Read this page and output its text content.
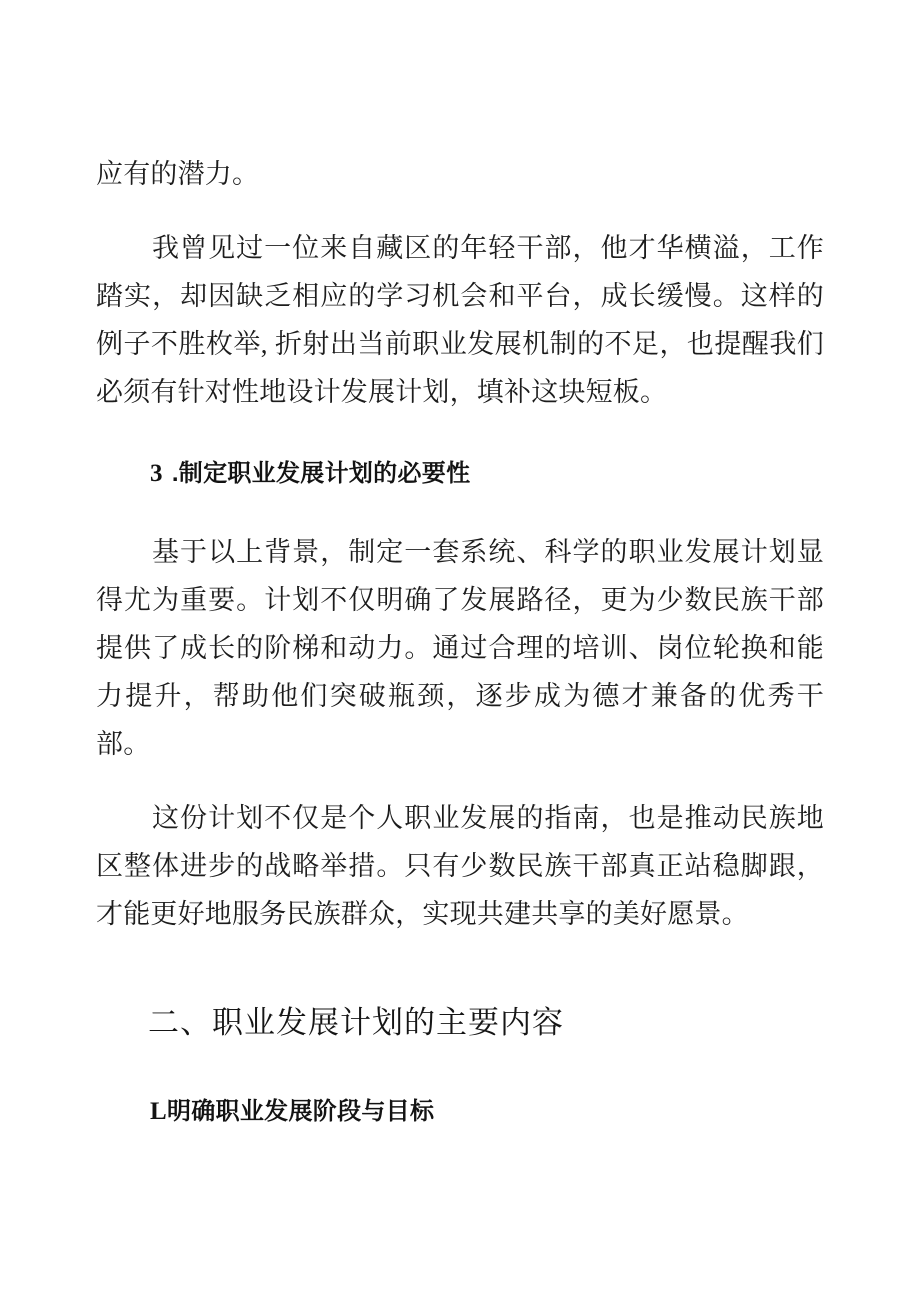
应有的潜力。

我曾见过一位来自藏区的年轻干部，他才华横溢，工作踏实，却因缺乏相应的学习机会和平台，成长缓慢。这样的例子不胜枚举, 折射出当前职业发展机制的不足，也提醒我们必须有针对性地设计发展计划，填补这块短板。

3 .制定职业发展计划的必要性

基于以上背景，制定一套系统、科学的职业发展计划显得尤为重要。计划不仅明确了发展路径，更为少数民族干部提供了成长的阶梯和动力。通过合理的培训、岗位轮换和能力提升，帮助他们突破瓶颈，逐步成为德才兼备的优秀干部。

这份计划不仅是个人职业发展的指南，也是推动民族地区整体进步的战略举措。只有少数民族干部真正站稳脚跟，才能更好地服务民族群众，实现共建共享的美好愿景。

二、职业发展计划的主要内容
L明确职业发展阶段与目标
